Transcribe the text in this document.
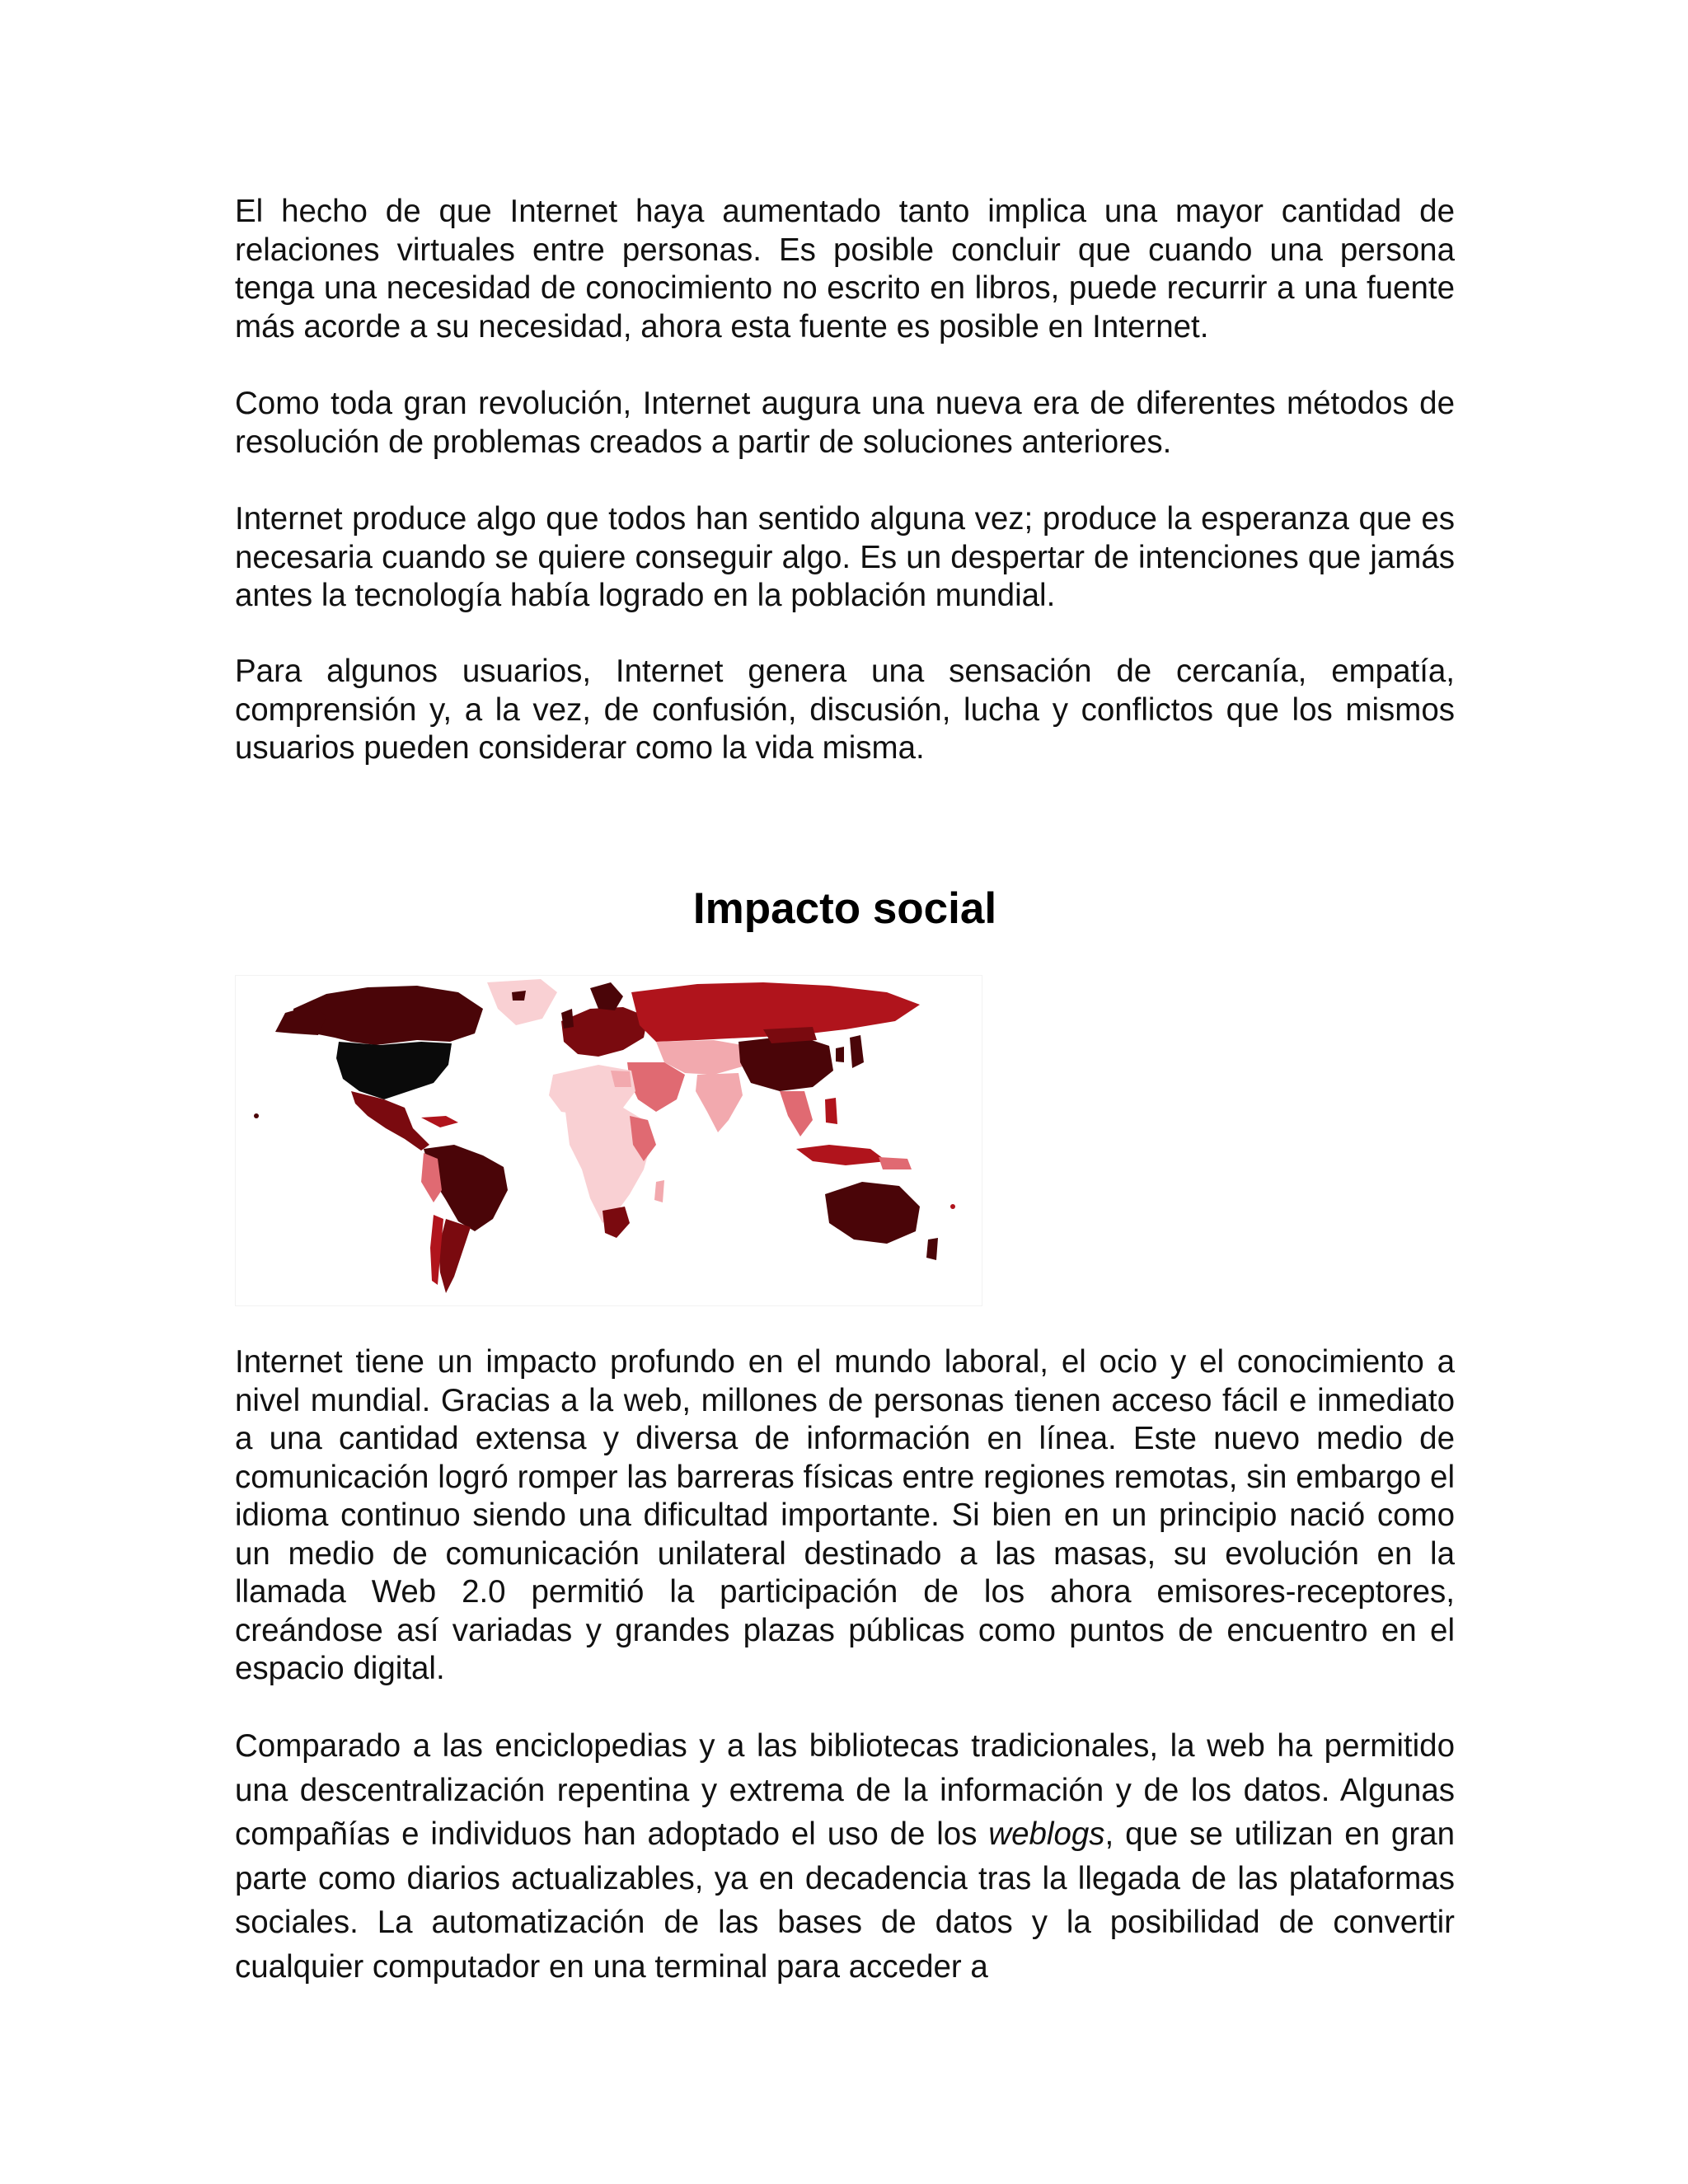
El hecho de que Internet haya aumentado tanto implica una mayor cantidad de relaciones virtuales entre personas. Es posible concluir que cuando una persona tenga una necesidad de conocimiento no escrito en libros, puede recurrir a una fuente más acorde a su necesidad, ahora esta fuente es posible en Internet.

Como toda gran revolución, Internet augura una nueva era de diferentes métodos de resolución de problemas creados a partir de soluciones anteriores.

Internet produce algo que todos han sentido alguna vez; produce la esperanza que es necesaria cuando se quiere conseguir algo. Es un despertar de intenciones que jamás antes la tecnología había logrado en la población mundial.

Para algunos usuarios, Internet genera una sensación de cercanía, empatía, comprensión y, a la vez, de confusión, discusión, lucha y conflictos que los mismos usuarios pueden considerar como la vida misma.

Impacto social

Internet tiene un impacto profundo en el mundo laboral, el ocio y el conocimiento a nivel mundial. Gracias a la web, millones de personas tienen acceso fácil e inmediato a una cantidad extensa y diversa de información en línea. Este nuevo medio de comunicación logró romper las barreras físicas entre regiones remotas, sin embargo el idioma continuo siendo una dificultad importante. Si bien en un principio nació como un medio de comunicación unilateral destinado a las masas, su evolución en la llamada Web 2.0 permitió la participación de los ahora emisores-receptores, creándose así variadas y grandes plazas públicas como puntos de encuentro en el espacio digital.

Comparado a las enciclopedias y a las bibliotecas tradicionales, la web ha permitido una descentralización repentina y extrema de la información y de los datos. Algunas compañías e individuos han adoptado el uso de los weblogs, que se utilizan en gran parte como diarios actualizables, ya en decadencia tras la llegada de las plataformas sociales. La automatización de las bases de datos y la posibilidad de convertir cualquier computador en una terminal para acceder a
